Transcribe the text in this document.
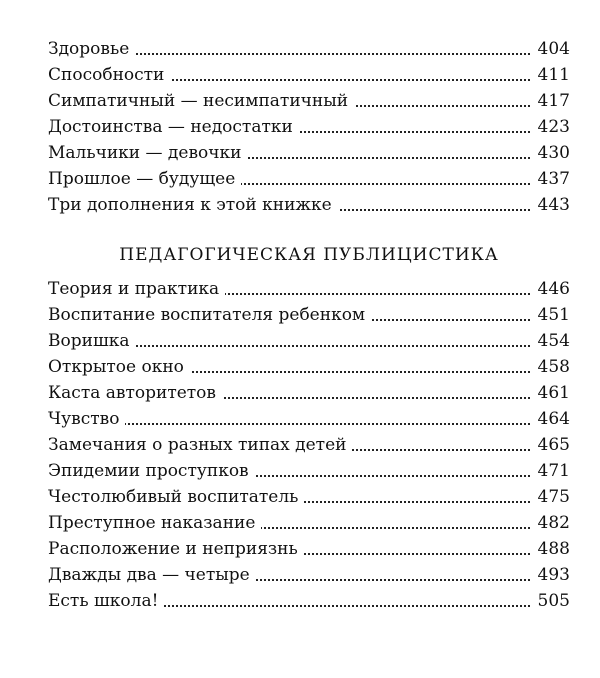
Здоровье	404
Способности	411
Симпатичный — несимпатичный	417
Достоинства — недостатки	423
Мальчики — девочки	430
Прошлое — будущее	437
Три дополнения к этой книжке	443
ПЕДАГОГИЧЕСКАЯ ПУБЛИЦИСТИКА
Теория и практика	446
Воспитание воспитателя ребенком	451
Воришка	454
Открытое окно	458
Каста авторитетов	461
Чувство	464
Замечания о разных типах детей	465
Эпидемии проступков	471
Честолюбивый воспитатель	475
Преступное наказание	482
Расположение и неприязнь	488
Дважды два — четыре	493
Есть школа!	505
